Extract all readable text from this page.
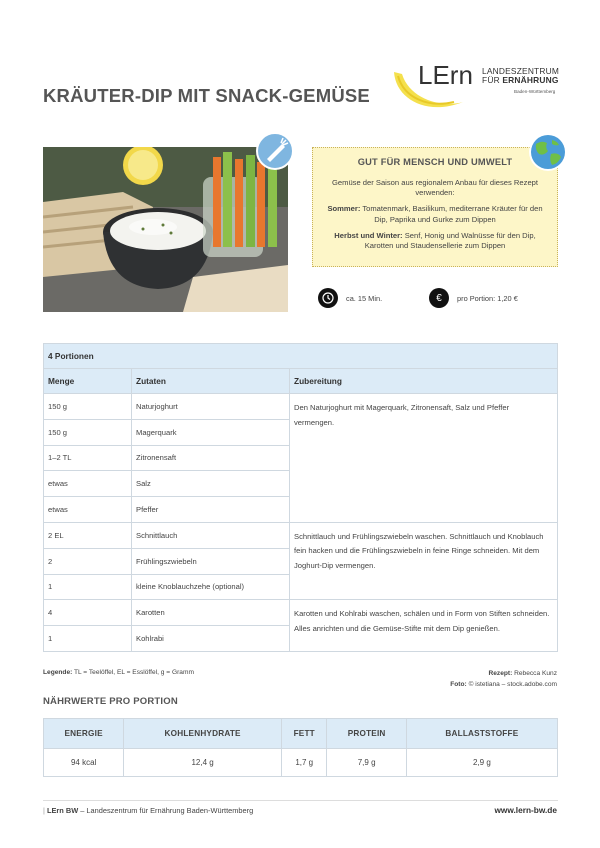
KRÄUTER-DIP MIT SNACK-GEMÜSE
LErn LANDESZENTRUM
FÜR ERNÄHRUNG
Baden-Württemberg
GUT FÜR MENSCH UND UMWELT

Gemüse der Saison aus regionalem Anbau für dieses Rezept verwenden:

Sommer: Tomatenmark, Basilikum, mediterrane Kräuter für den Dip, Paprika und Gurke zum Dippen

Herbst und Winter: Senf, Honig und Walnüsse für den Dip, Karotten und Staudensellerie zum Dippen

ca. 15 Min.	€	pro Portion: 1,20 €
4 Portionen		
Menge	Zutaten	Zubereitung
150 g	Naturjoghurt	Den Naturjoghurt mit Magerquark, Zitronensaft, Salz und Pfeffer vermengen.
150 g	Magerquark	
1–2 TL	Zitronensaft	
etwas	Salz	
etwas	Pfeffer	
2 EL	Schnittlauch	Schnittlauch und Frühlingszwiebeln waschen. Schnittlauch und Knoblauch fein hacken und die Frühlingszwiebeln in feine Ringe schneiden. Mit dem Joghurt-Dip vermengen.
2	Frühlingszwiebeln	
1	kleine Knoblauchzehe (optional)	
4	Karotten	Karotten und Kohlrabi waschen, schälen und in Form von Stiften schneiden. Alles anrichten und die Gemüse-Stifte mit dem Dip genießen.
1	Kohlrabi	
Legende: TL = Teelöffel, EL = Esslöffel, g = Gramm	Rezept: Rebecca Kunz
Foto: © istetiana – stock.adobe.com
NÄHRWERTE PRO PORTION
ENERGIE	KOHLENHYDRATE	FETT	PROTEIN	BALLASTSTOFFE
94 kcal	12,4 g	1,7 g	7,9 g	2,9 g
| LErn BW – Landeszentrum für Ernährung Baden-Württemberg	www.lern-bw.de
